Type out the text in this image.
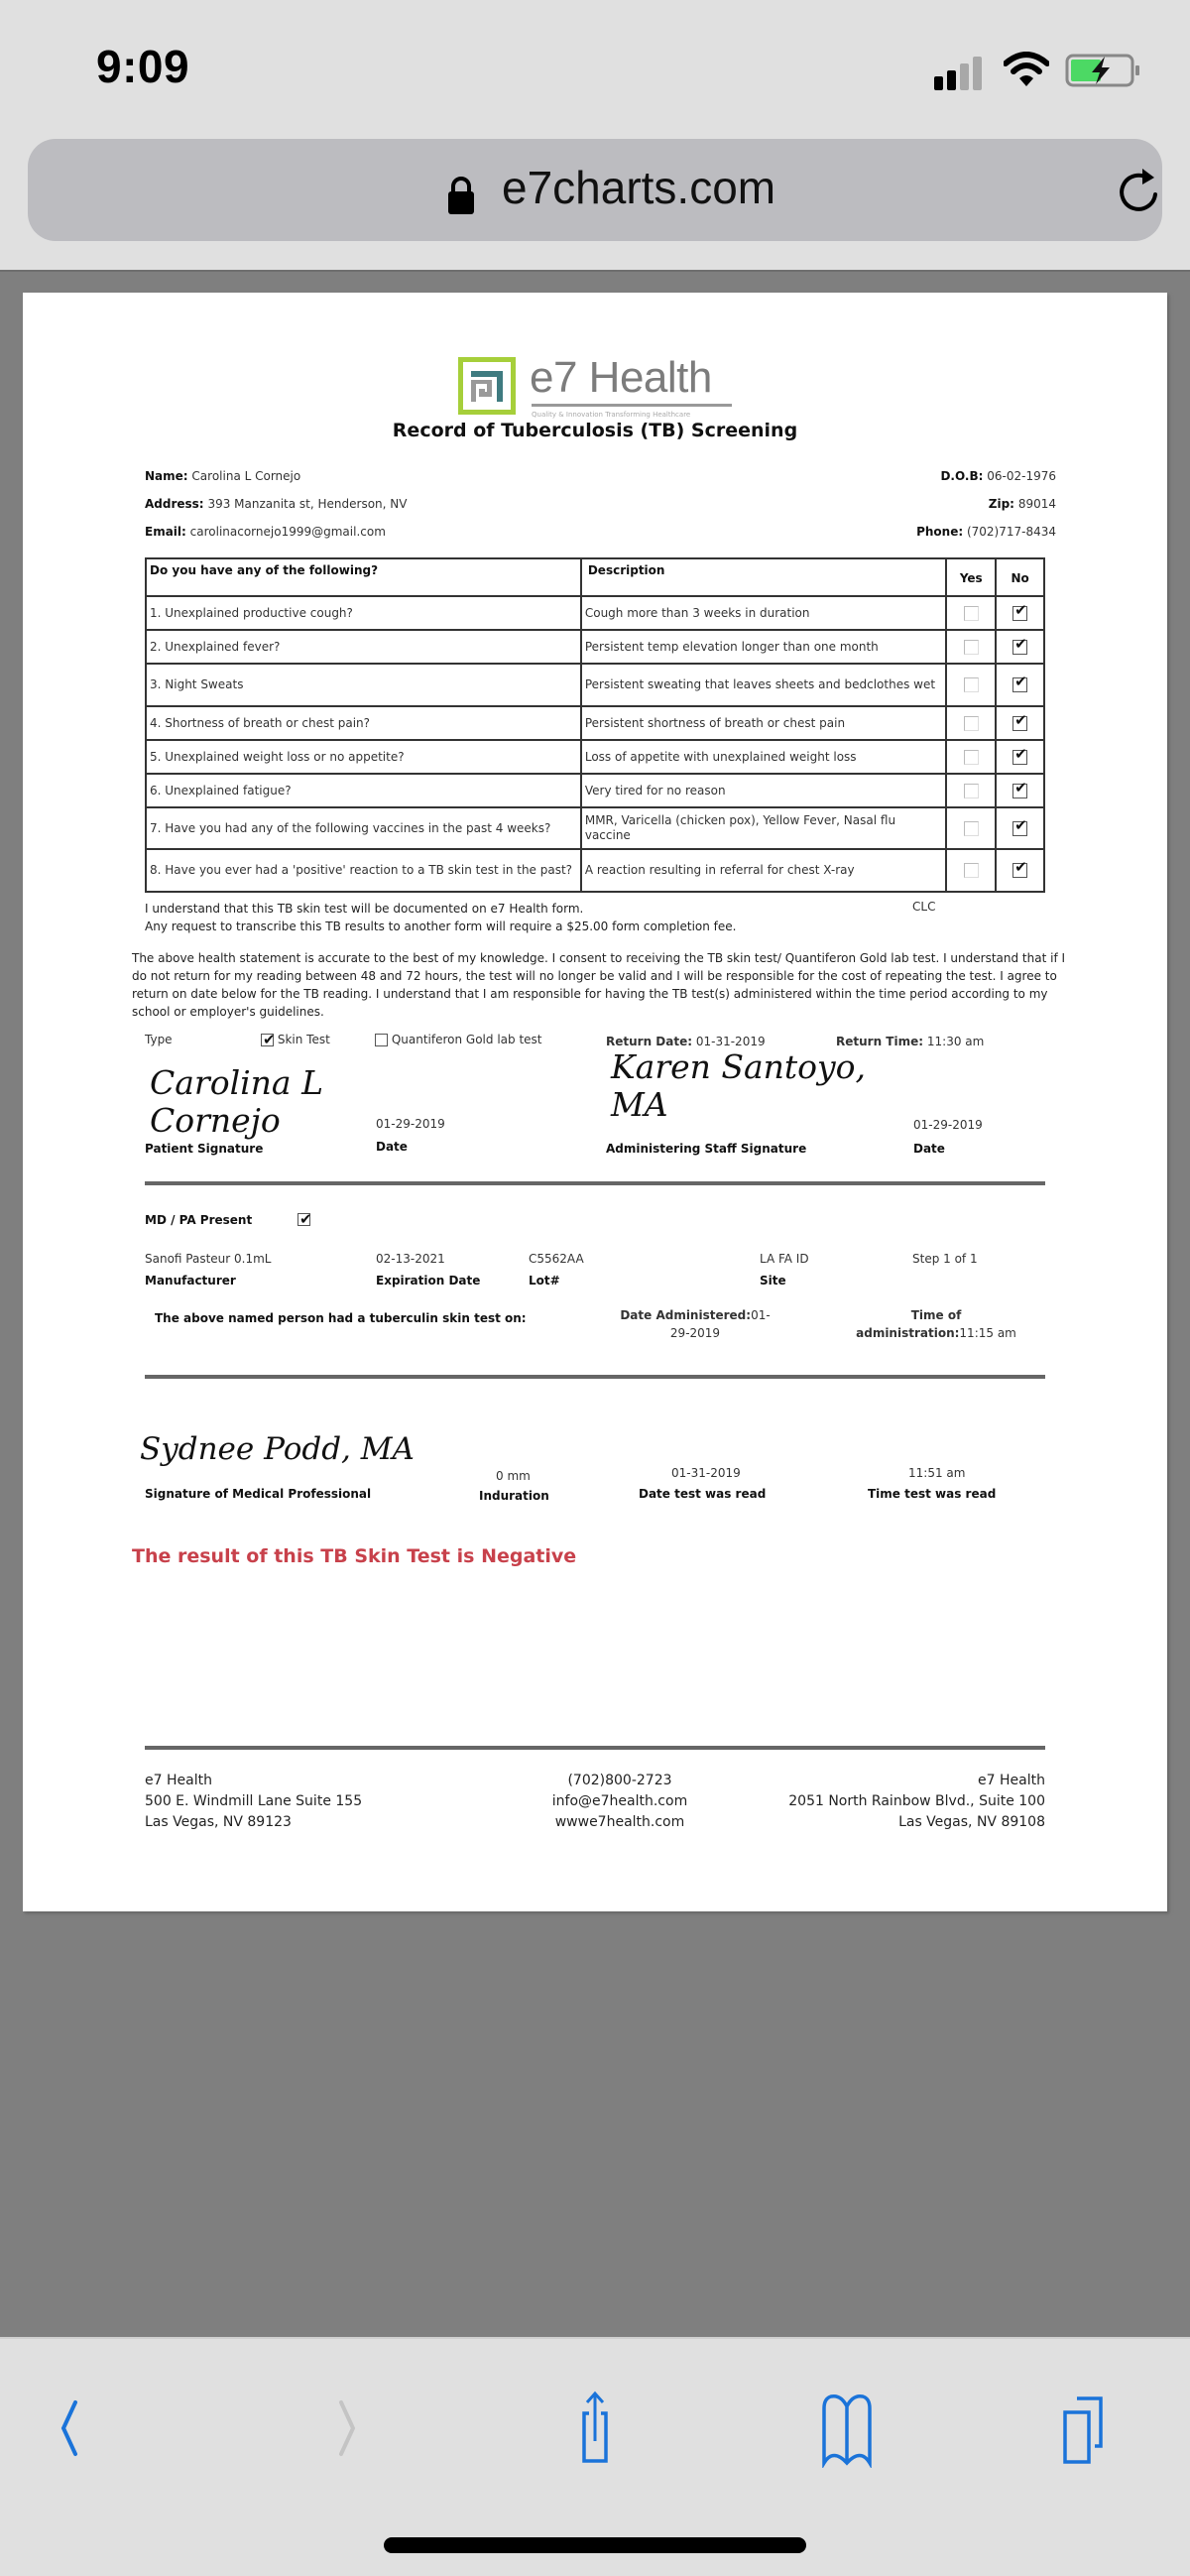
9:09
e7charts.com
e7 Health
Quality & Innovation Transforming Healthcare
Record of Tuberculosis (TB) Screening
Name: Carolina L Cornejo	D.O.B: 06-02-1976
Address: 393 Manzanita st, Henderson, NV	Zip: 89014
Email: carolinacornejo1999@gmail.com	Phone: (702)717-8434
Do you have any of the following?	Description	Yes	No
1. Unexplained productive cough?	Cough more than 3 weeks in duration		✔
2. Unexplained fever?	Persistent temp elevation longer than one month		✔
3. Night Sweats	Persistent sweating that leaves sheets and bedclothes wet		✔
4. Shortness of breath or chest pain?	Persistent shortness of breath or chest pain		✔
5. Unexplained weight loss or no appetite?	Loss of appetite with unexplained weight loss		✔
6. Unexplained fatigue?	Very tired for no reason		✔
7. Have you had any of the following vaccines in the past 4 weeks?	MMR, Varicella (chicken pox), Yellow Fever, Nasal flu vaccine		✔
8. Have you ever had a 'positive' reaction to a TB skin test in the past?	A reaction resulting in referral for chest X-ray		✔
I understand that this TB skin test will be documented on e7 Health form.
Any request to transcribe this TB results to another form will require a $25.00 form completion fee.
CLC
The above health statement is accurate to the best of my knowledge. I consent to receiving the TB skin test/ Quantiferon Gold lab test. I understand that if I do not return for my reading between 48 and 72 hours, the test will no longer be valid and I will be responsible for the cost of repeating the test. I agree to return on date below for the TB reading. I understand that I am responsible for having the TB test(s) administered within the time period according to my school or employer's guidelines.
Type ✔	Skin Test	Quantiferon Gold lab test	Return Date: 01-31-2019	Return Time: 11:30 am
Carolina L
Cornejo	01-29-2019
Patient Signature	Date
Karen Santoyo,
MA
01-29-2019
Administering Staff Signature	Date
MD / PA Present
✔
Sanofi Pasteur 0.1mL	02-13-2021	C5562AA	LA FA ID	Step 1 of 1
Manufacturer	Expiration Date	Lot#	Site
The above named person had a tuberculin skin test on:	Date Administered:01-29-2019
Time of administration:11:15 am
Sydnee Podd, MA
Signature of Medical Professional
0 mm
Induration
01-31-2019
Date test was read
11:51 am
Time test was read
The result of this TB Skin Test is Negative
e7 Health
500 E. Windmill Lane Suite 155
Las Vegas, NV 89123
(702)800-2723
info@e7health.com
wwwe7health.com
e7 Health
2051 North Rainbow Blvd., Suite 100
Las Vegas, NV 89108
